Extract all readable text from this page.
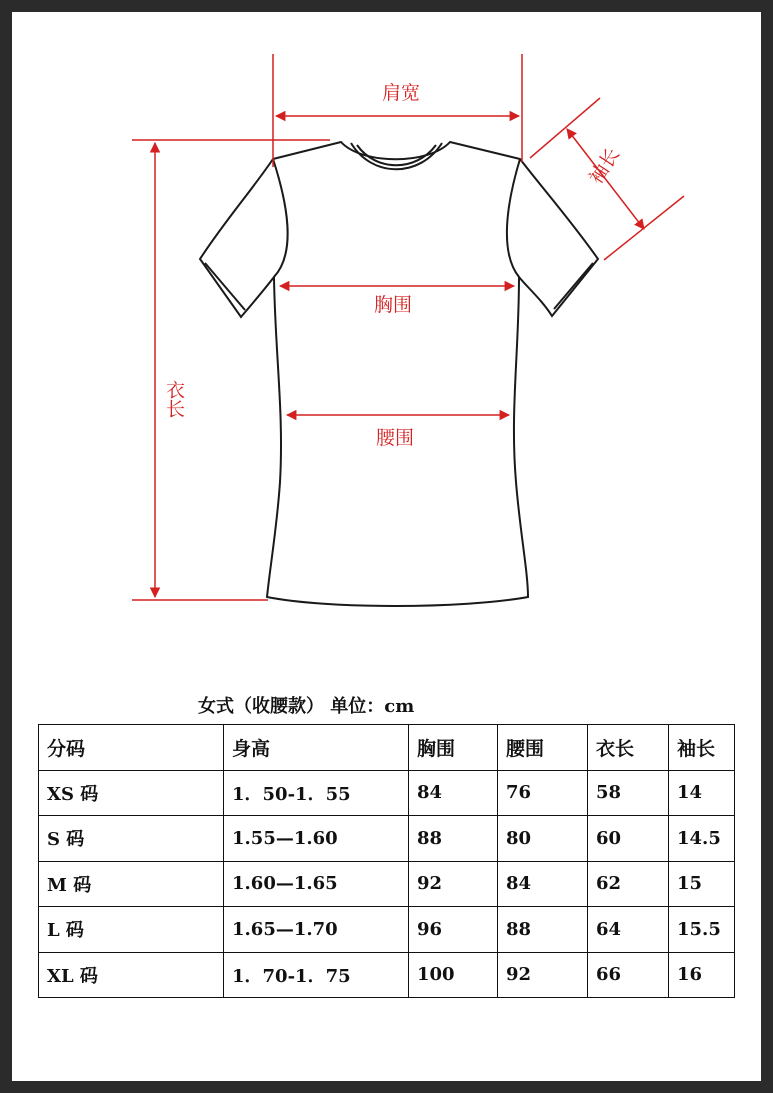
肩宽
胸围
腰围
衣长
袖长
女式（收腰款） 单位：cm
分码	身高	胸围	腰围	衣长	袖长
XS 码	1．50-1．55	84	76	58	14
S 码	1.55—1.60	88	80	60	14.5
M 码	1.60—1.65	92	84	62	15
L 码	1.65—1.70	96	88	64	15.5
XL 码	1．70-1．75	100	92	66	16
